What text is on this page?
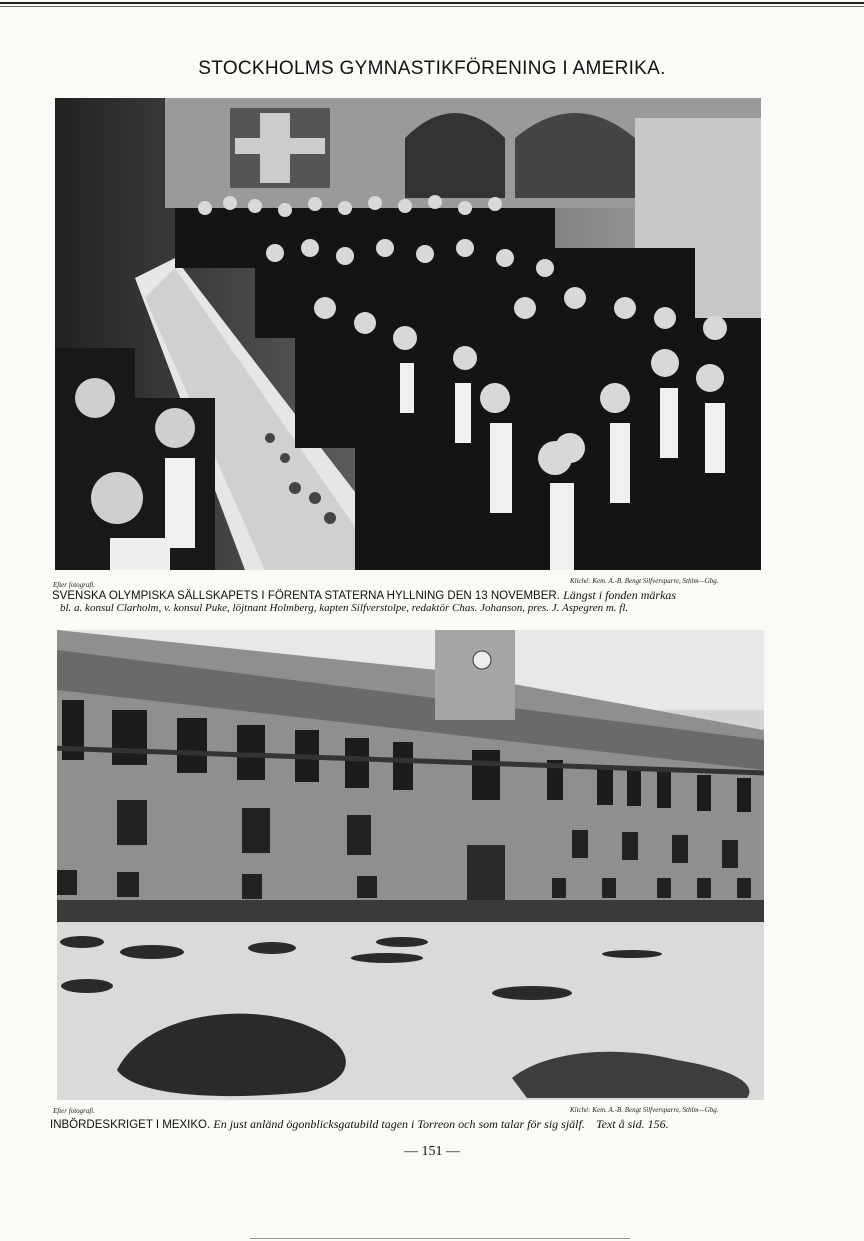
STOCKHOLMS GYMNASTIKFÖRENING I AMERIKA.
Efter fotografi.	Kliché: Kem. A.-B. Bengt Silfversparre, Sthlm—Gbg.
SVENSKA OLYMPISKA SÄLLSKAPETS I FÖRENTA STATERNA HYLLNING DEN 13 NOVEMBER. Längst i fonden märkas
bl. a. konsul Clarholm, v. konsul Puke, löjtnant Holmberg, kapten Silfverstolpe, redaktör Chas. Johanson, pres. J. Aspegren m. fl.
Efter fotografi.	Kliché: Kem. A.-B. Bengt Silfversparre, Sthlm—Gbg.
INBÖRDESKRIGET I MEXIKO. En just anländ ögonblicksgatubild tagen i Torreon och som talar för sig själf. Text å sid. 156.
— 151 —
